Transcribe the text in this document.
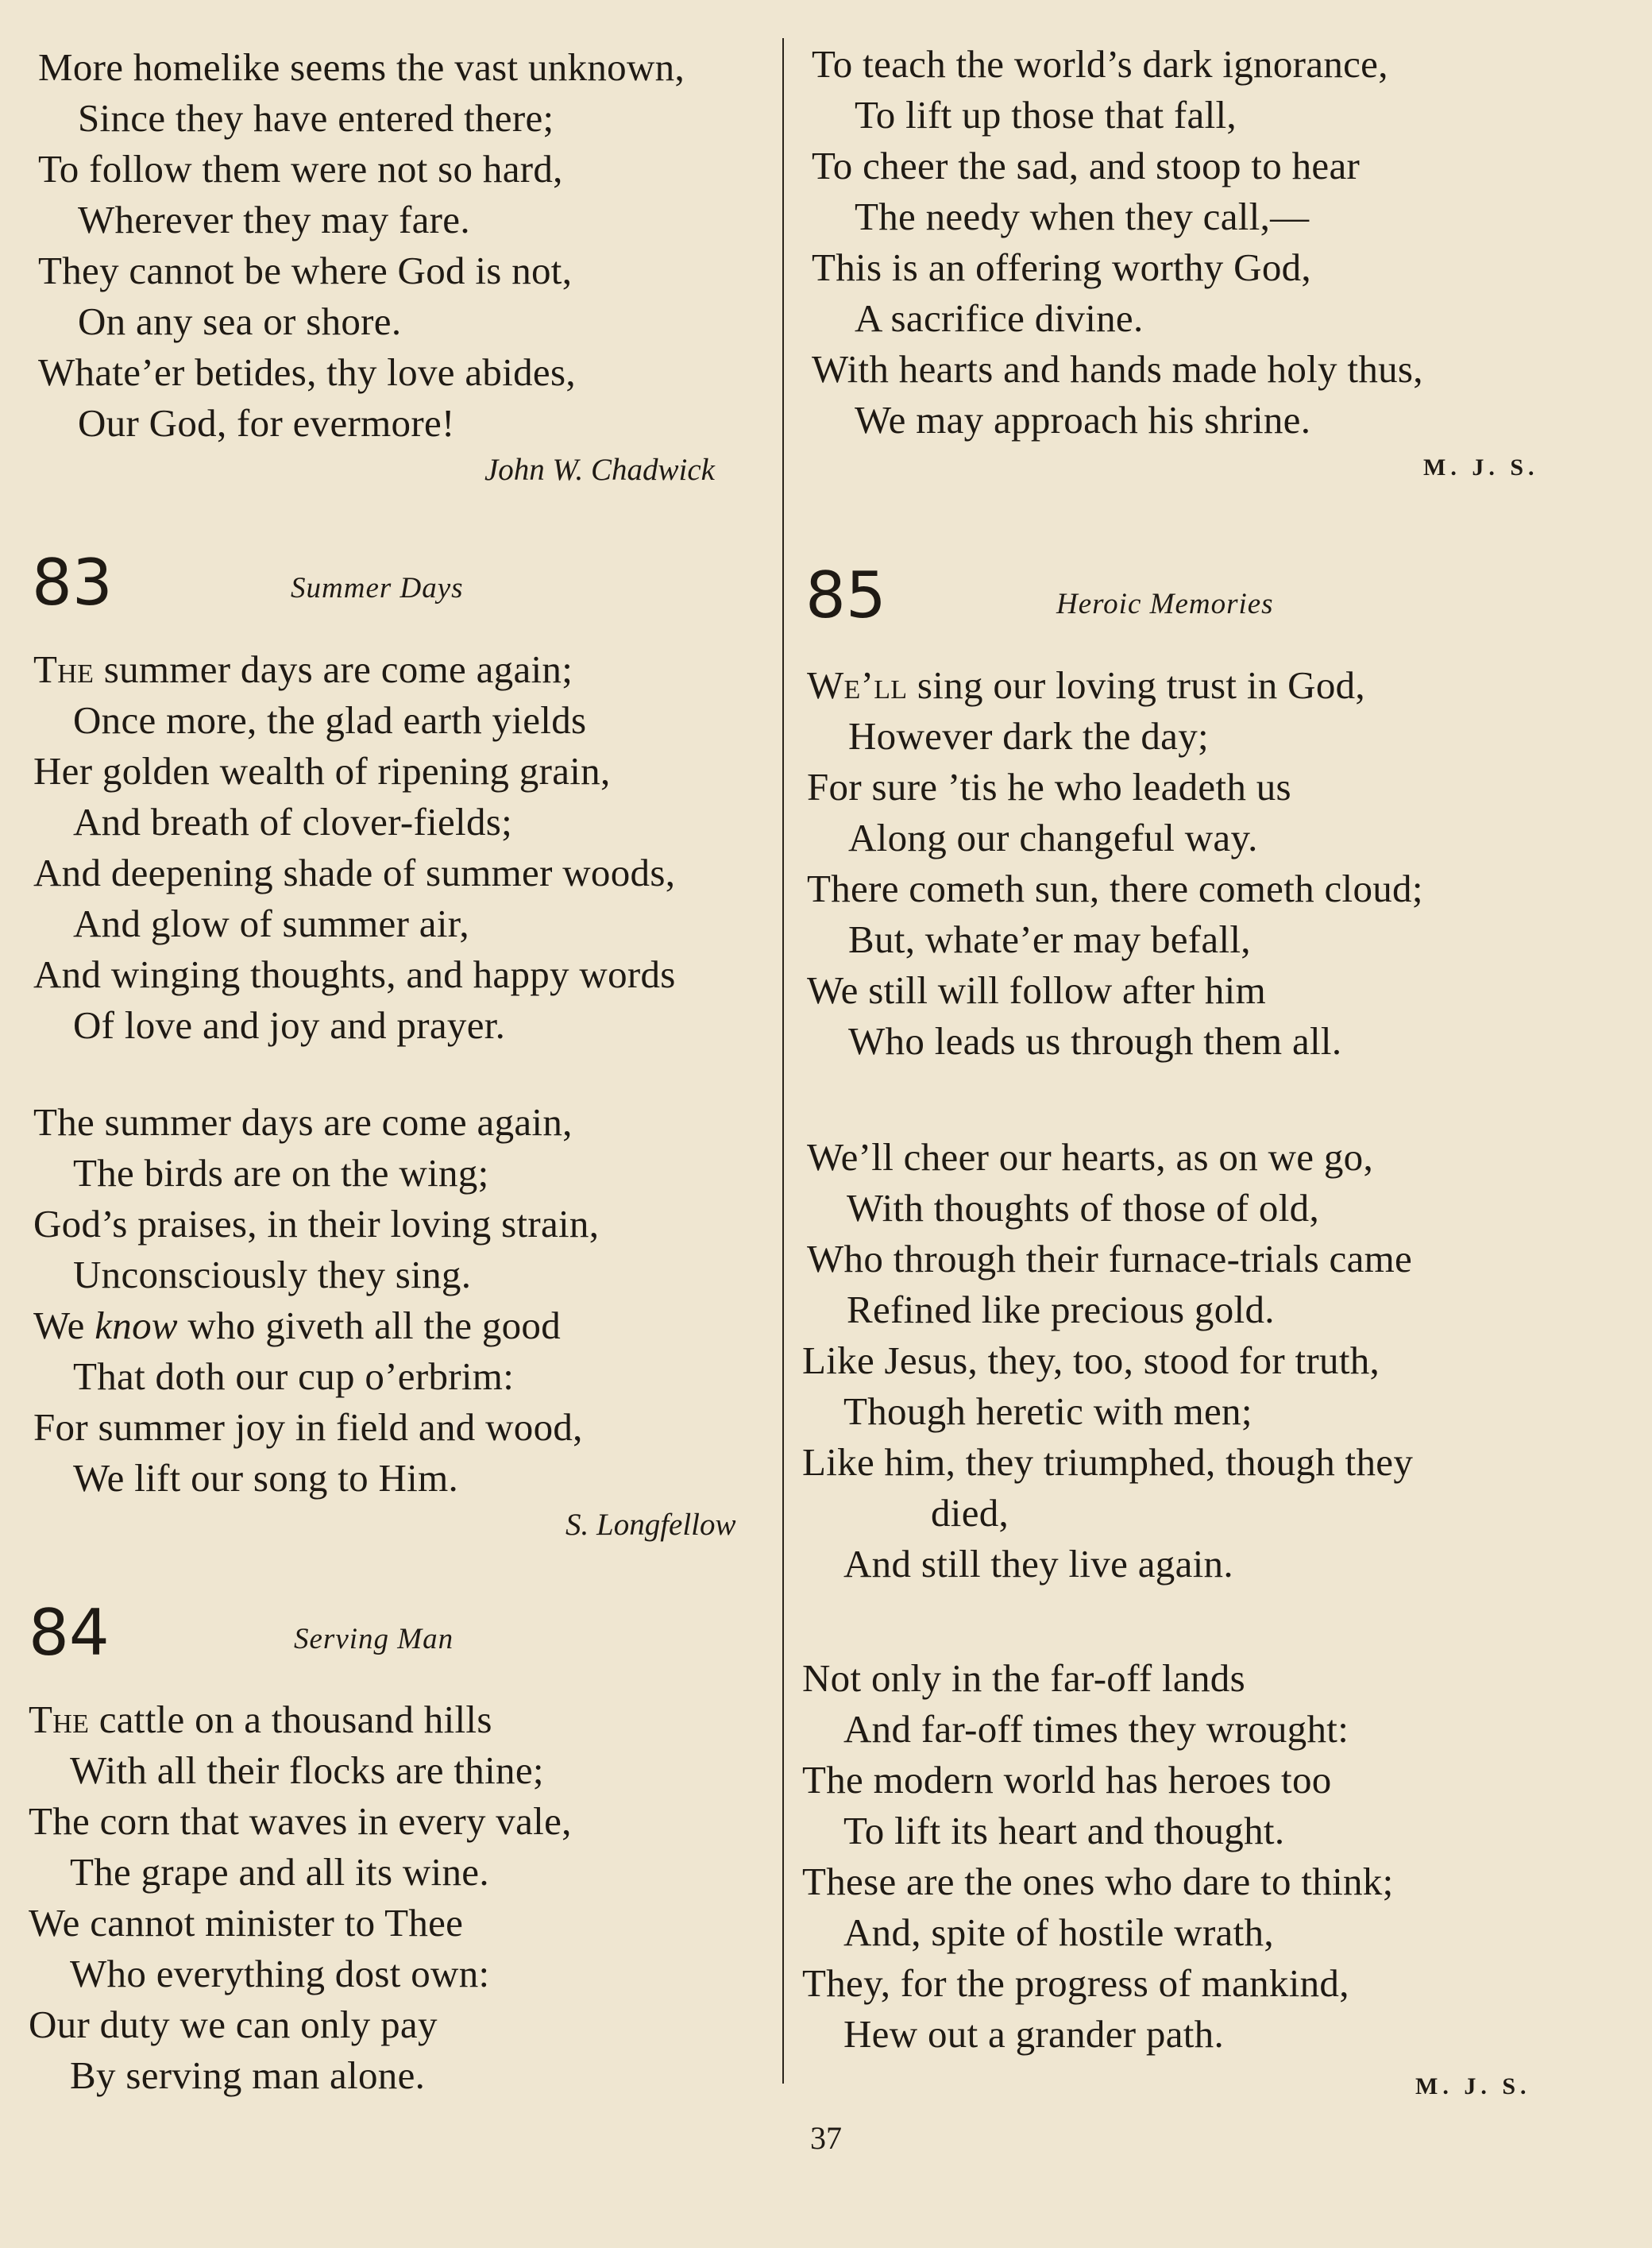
More homelike seems the vast unknown,
Since they have entered there;
To follow them were not so hard,
Wherever they may fare.
They cannot be where God is not,
On any sea or shore.
Whate’er betides, thy love abides,
Our God, for evermore!
John W. Chadwick
83	Summer Days
The summer days are come again;
Once more, the glad earth yields
Her golden wealth of ripening grain,
And breath of clover-fields;
And deepening shade of summer woods,
And glow of summer air,
And winging thoughts, and happy words
Of love and joy and prayer.
The summer days are come again,
The birds are on the wing;
God’s praises, in their loving strain,
Unconsciously they sing.
We know who giveth all the good
That doth our cup o’erbrim:
For summer joy in field and wood,
We lift our song to Him.
S. Longfellow
84	Serving Man
The cattle on a thousand hills
With all their flocks are thine;
The corn that waves in every vale,
The grape and all its wine.
We cannot minister to Thee
Who everything dost own:
Our duty we can only pay
By serving man alone.
To teach the world’s dark ignorance,
To lift up those that fall,
To cheer the sad, and stoop to hear
The needy when they call,—
This is an offering worthy God,
A sacrifice divine.
With hearts and hands made holy thus,
We may approach his shrine.
M. J. S.
85	Heroic Memories
We’ll sing our loving trust in God,
However dark the day;
For sure ’tis he who leadeth us
Along our changeful way.
There cometh sun, there cometh cloud;
But, whate’er may befall,
We still will follow after him
Who leads us through them all.
We’ll cheer our hearts, as on we go,
With thoughts of those of old,
Who through their furnace-trials came
Refined like precious gold.
Like Jesus, they, too, stood for truth,
Though heretic with men;
Like him, they triumphed, though they
died,
And still they live again.
Not only in the far-off lands
And far-off times they wrought:
The modern world has heroes too
To lift its heart and thought.
These are the ones who dare to think;
And, spite of hostile wrath,
They, for the progress of mankind,
Hew out a grander path.
M. J. S.
37
